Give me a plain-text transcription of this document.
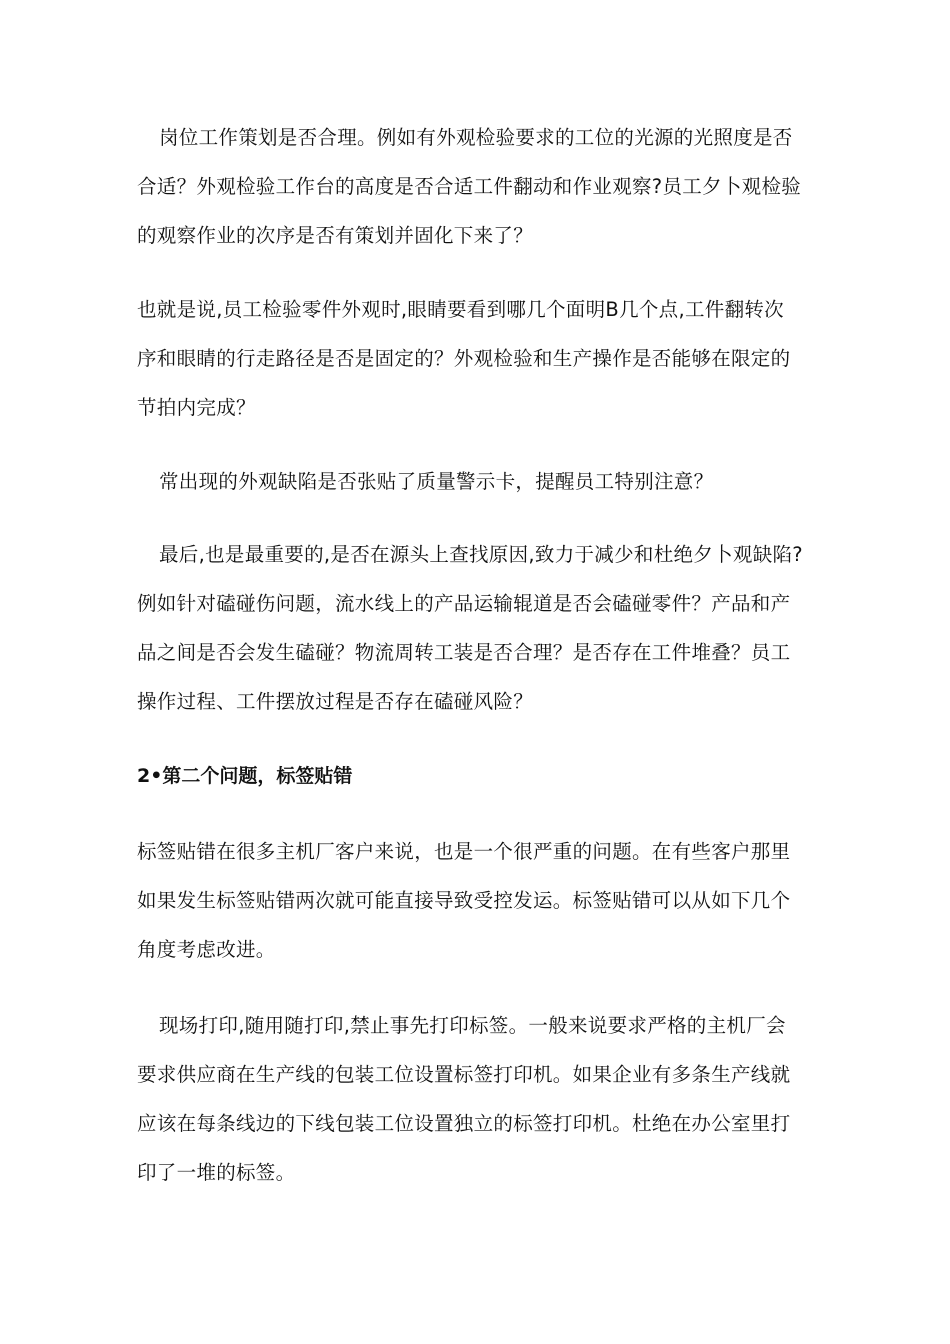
岗位工作策划是否合理。例如有外观检验要求的工位的光源的光照度是否
合适？外观检验工作台的高度是否合适工件翻动和作业观察?员工夕卜观检验
的观察作业的次序是否有策划并固化下来了？
也就是说,员工检验零件外观时,眼睛要看到哪几个面明B几个点,工件翻转次
序和眼睛的行走路径是否是固定的？外观检验和生产操作是否能够在限定的
节拍内完成？
常出现的外观缺陷是否张贴了质量警示卡，提醒员工特别注意？
最后,也是最重要的,是否在源头上查找原因,致力于减少和杜绝夕卜观缺陷?
例如针对磕碰伤问题，流水线上的产品运输辊道是否会磕碰零件？产品和产
品之间是否会发生磕碰？物流周转工装是否合理？是否存在工件堆叠？员工
操作过程、工件摆放过程是否存在磕碰风险？

2•第二个问题，标签贴错

标签贴错在很多主机厂客户来说，也是一个很严重的问题。在有些客户那里
如果发生标签贴错两次就可能直接导致受控发运。标签贴错可以从如下几个
角度考虑改进。
现场打印,随用随打印,禁止事先打印标签。一般来说要求严格的主机厂会
要求供应商在生产线的包装工位设置标签打印机。如果企业有多条生产线就
应该在每条线边的下线包装工位设置独立的标签打印机。杜绝在办公室里打
印了一堆的标签。
